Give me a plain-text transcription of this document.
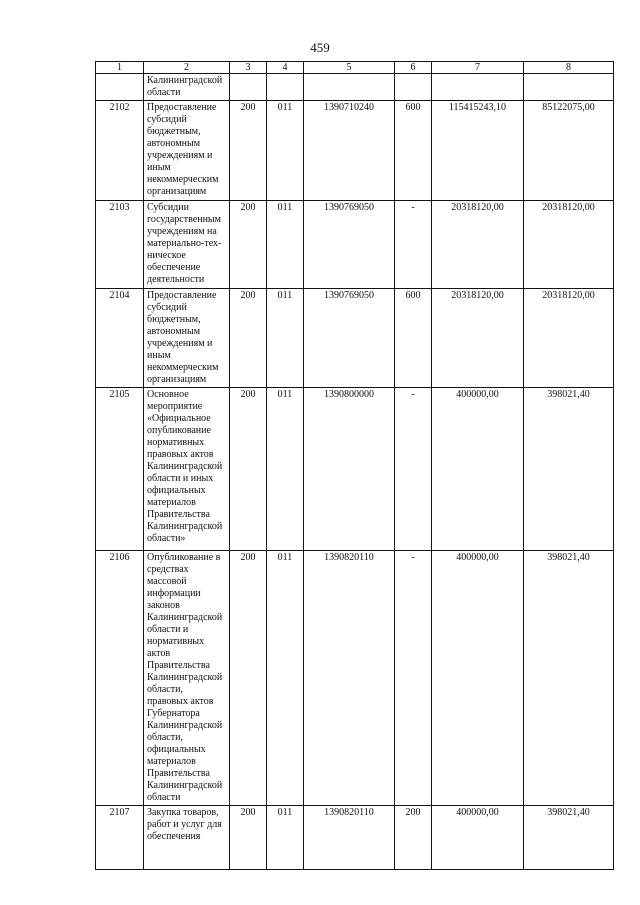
459
1	2	3	4	5	6	7	8
	Калининградской области						
2102	Предоставление субсидий бюджетным, автономным учреждениям и иным некоммерческим организациям	200	011	1390710240	600	115415243,10	85122075,00
2103	Субсидии государственным учреждениям на материально-тех-ническое обеспечение деятельности	200	011	1390769050	-	20318120,00	20318120,00
2104	Предоставление субсидий бюджетным, автономным учреждениям и иным некоммерческим организациям	200	011	1390769050	600	20318120,00	20318120,00
2105	Основное мероприятие «Официальное опубликование нормативных правовых актов Калининградской области и иных официальных материалов Правительства Калининградской области»	200	011	1390800000	-	400000,00	398021,40
2106	Опубликование в средствах массовой информации законов Калининградской области и нормативных актов Правительства Калининградской области, правовых актов Губернатора Калининградской области, официальных материалов Правительства Калининградской области	200	011	1390820110	-	400000,00	398021,40
2107	Закупка товаров, работ и услуг для обеспечения	200	011	1390820110	200	400000,00	398021,40
